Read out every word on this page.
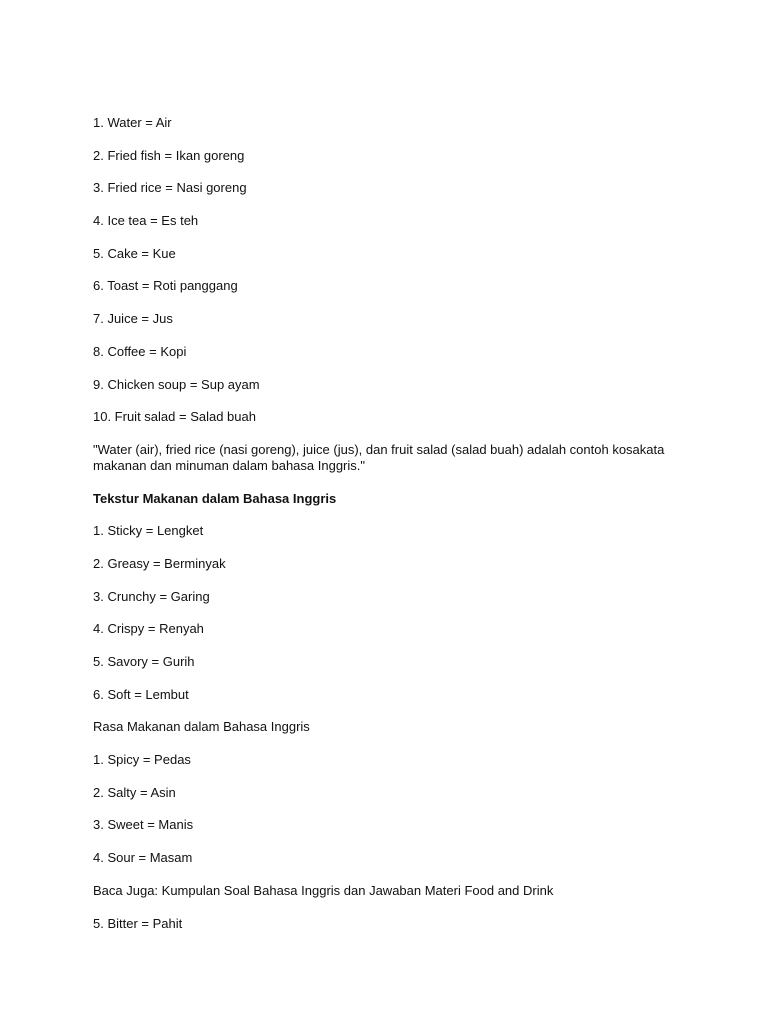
1. Water = Air
2. Fried fish = Ikan goreng
3. Fried rice = Nasi goreng
4. Ice tea = Es teh
5. Cake = Kue
6. Toast = Roti panggang
7. Juice = Jus
8. Coffee = Kopi
9. Chicken soup = Sup ayam
10. Fruit salad = Salad buah
"Water (air), fried rice (nasi goreng), juice (jus), dan fruit salad (salad buah) adalah contoh kosakata makanan dan minuman dalam bahasa Inggris."
Tekstur Makanan dalam Bahasa Inggris
1. Sticky = Lengket
2. Greasy = Berminyak
3. Crunchy = Garing
4. Crispy = Renyah
5. Savory = Gurih
6. Soft = Lembut
Rasa Makanan dalam Bahasa Inggris
1. Spicy = Pedas
2. Salty = Asin
3. Sweet = Manis
4. Sour = Masam
Baca Juga: Kumpulan Soal Bahasa Inggris dan Jawaban Materi Food and Drink
5. Bitter = Pahit
